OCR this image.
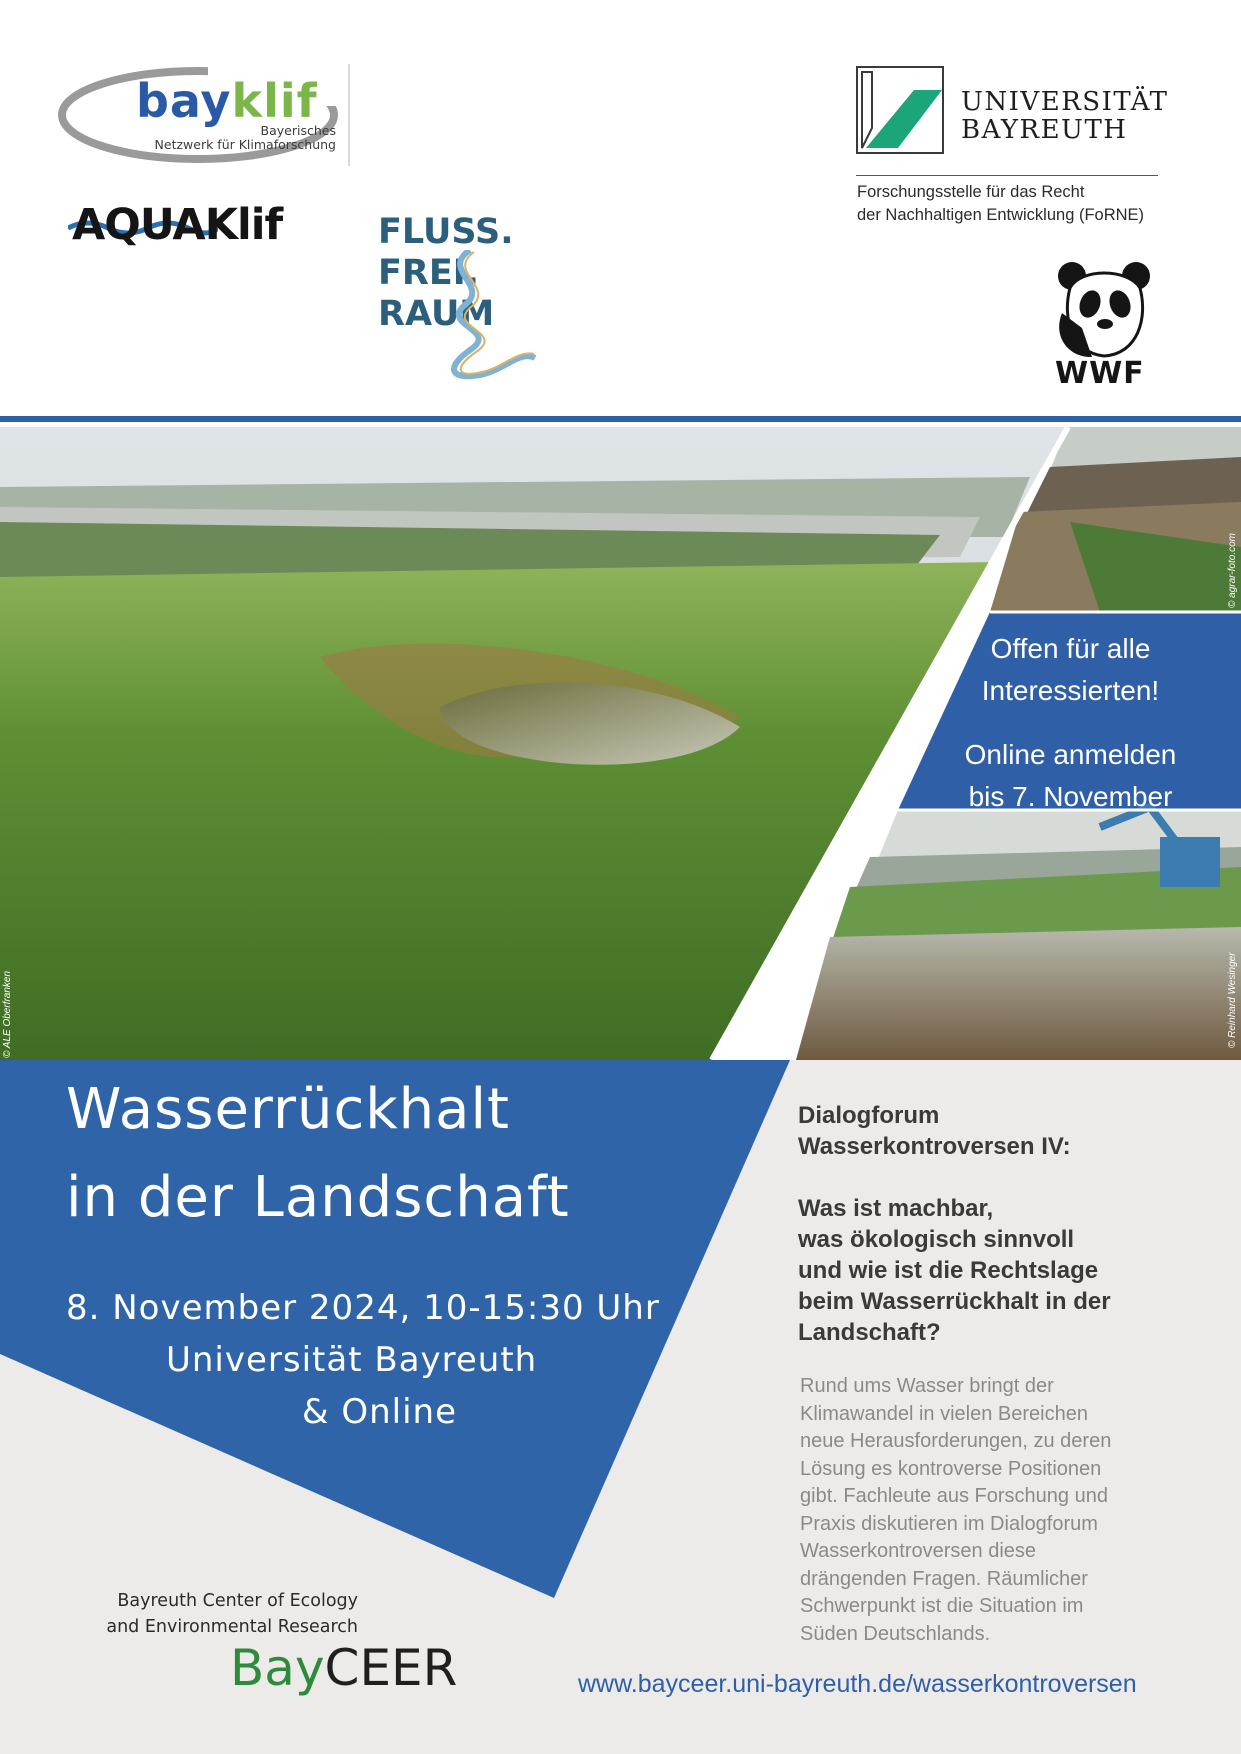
bayklif
Bayerisches
Netzwerk für Klimaforschung
AQUAKlif	FLUSS.
FREI.
RAUM
UNIVERSITÄT
BAYREUTH
Forschungsstelle für das Recht
der Nachhaltigen Entwicklung (FoRNE)
WWF
© ALE Oberfranken
© agrar-foto.com
© Reinhard Wesinger
Offen für alle
Interessierten!
Online anmelden
bis 7. November
Wasserrückhalt
in der Landschaft
8. November 2024, 10-15:30 Uhr
Universität Bayreuth
& Online
Dialogforum
Wasserkontroversen IV:
Was ist machbar,
was ökologisch sinnvoll
und wie ist die Rechtslage
beim Wasserrückhalt in der
Landschaft?
Rund ums Wasser bringt der
Klimawandel in vielen Bereichen
neue Herausforderungen, zu deren
Lösung es kontroverse Positionen
gibt. Fachleute aus Forschung und
Praxis diskutieren im Dialogforum
Wasserkontroversen diese
drängenden Fragen. Räumlicher
Schwerpunkt ist die Situation im
Süden Deutschlands.
Bayreuth Center of Ecology
and Environmental Research
BayCEER	www.bayceer.uni-bayreuth.de/wasserkontroversen
